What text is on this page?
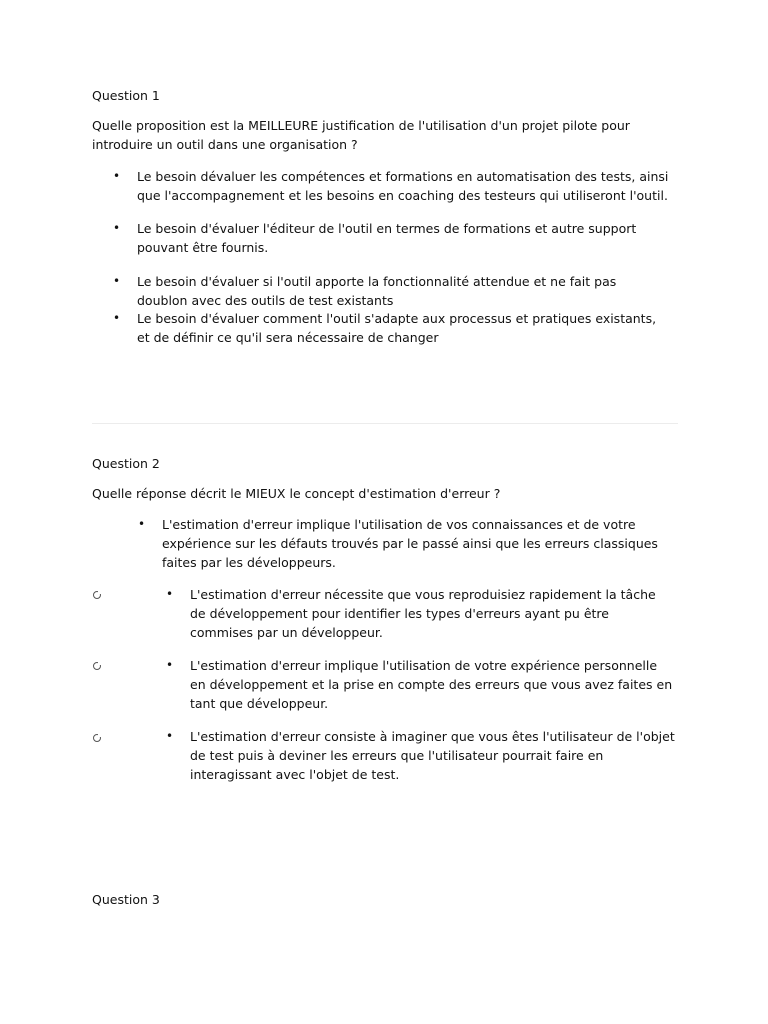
Question 1
Quelle proposition est la MEILLEURE justification de l'utilisation d'un projet pilote pour introduire un outil dans une organisation ?
• Le besoin dévaluer les compétences et formations en automatisation des tests, ainsi que l'accompagnement et les besoins en coaching des testeurs qui utiliseront l'outil.
• Le besoin d'évaluer l'éditeur de l'outil en termes de formations et autre support pouvant être fournis.
• Le besoin d'évaluer si l'outil apporte la fonctionnalité attendue et ne fait pas doublon avec des outils de test existants
• Le besoin d'évaluer comment l'outil s'adapte aux processus et pratiques existants, et de définir ce qu'il sera nécessaire de changer
Question 2
Quelle réponse décrit le MIEUX le concept d'estimation d'erreur ?
• L'estimation d'erreur implique l'utilisation de vos connaissances et de votre expérience sur les défauts trouvés par le passé ainsi que les erreurs classiques faites par les développeurs.
• L'estimation d'erreur nécessite que vous reproduisiez rapidement la tâche de développement pour identifier les types d'erreurs ayant pu être commises par un développeur.
• L'estimation d'erreur implique l'utilisation de votre expérience personnelle en développement et la prise en compte des erreurs que vous avez faites en tant que développeur.
• L'estimation d'erreur consiste à imaginer que vous êtes l'utilisateur de l'objet de test puis à deviner les erreurs que l'utilisateur pourrait faire en interagissant avec l'objet de test.
Question 3
